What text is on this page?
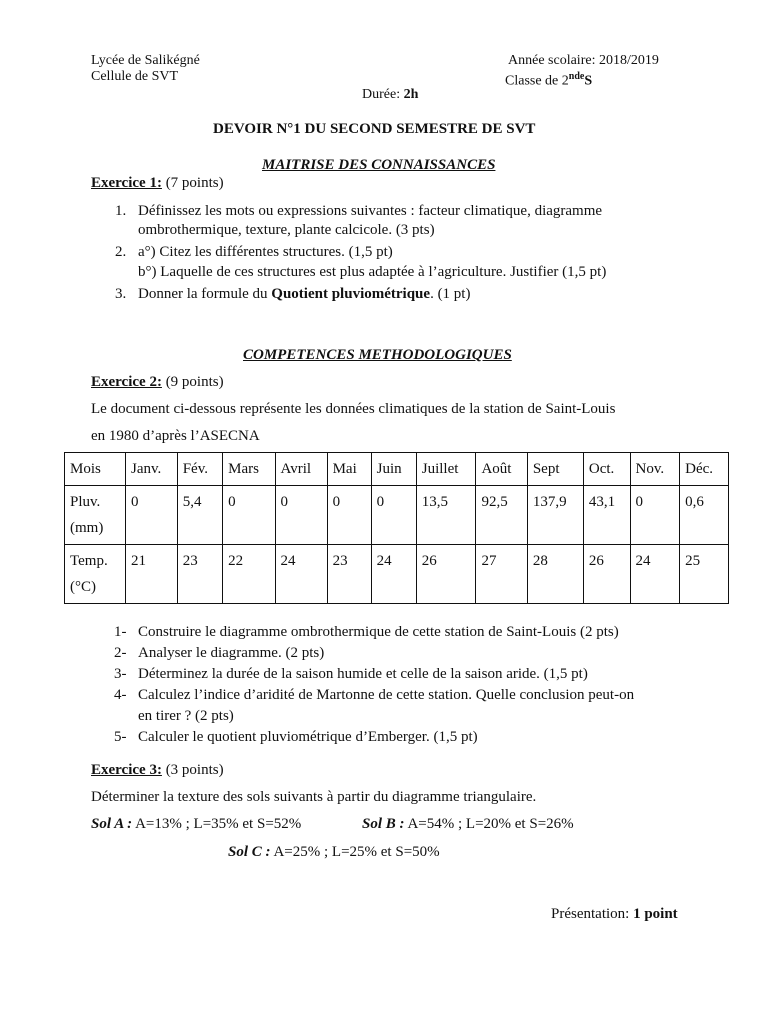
Lycée de Salikégné
Cellule de SVT
Année scolaire: 2018/2019
Classe de 2ndeS
Durée: 2h
DEVOIR N°1 DU SECOND SEMESTRE DE SVT
MAITRISE DES CONNAISSANCES
Exercice 1: (7 points)
1. Définissez les mots ou expressions suivantes : facteur climatique, diagramme
ombrothermique, texture, plante calcicole. (3 pts)
2. a°) Citez les différentes structures. (1,5 pt)
b°) Laquelle de ces structures est plus adaptée à l’agriculture. Justifier (1,5 pt)
3. Donner la formule du Quotient pluviométrique. (1 pt)
COMPETENCES METHODOLOGIQUES
Exercice 2: (9 points)
Le document ci-dessous représente les données climatiques de la station de Saint-Louis
en 1980 d’après l’ASECNA
Mois	Janv.	Fév.	Mars	Avril	Mai	Juin	Juillet	Août	Sept	Oct.	Nov.	Déc.
Pluv.
(mm)	0	5,4	0	0	0	0	13,5	92,5	137,9	43,1	0	0,6
Temp.
(°C)	21	23	22	24	23	24	26	27	28	26	24	25
1- Construire le diagramme ombrothermique de cette station de Saint-Louis (2 pts)
2- Analyser le diagramme. (2 pts)
3- Déterminez la durée de la saison humide et celle de la saison aride. (1,5 pt)
4- Calculez l’indice d’aridité de Martonne de cette station. Quelle conclusion peut-on
en tirer ? (2 pts)
5- Calculer le quotient pluviométrique d’Emberger. (1,5 pt)
Exercice 3: (3 points)
Déterminer la texture des sols suivants à partir du diagramme triangulaire.
Sol A : A=13% ; L=35% et S=52%	Sol B : A=54% ; L=20% et S=26%
Sol C : A=25% ; L=25% et S=50%
Présentation: 1 point
